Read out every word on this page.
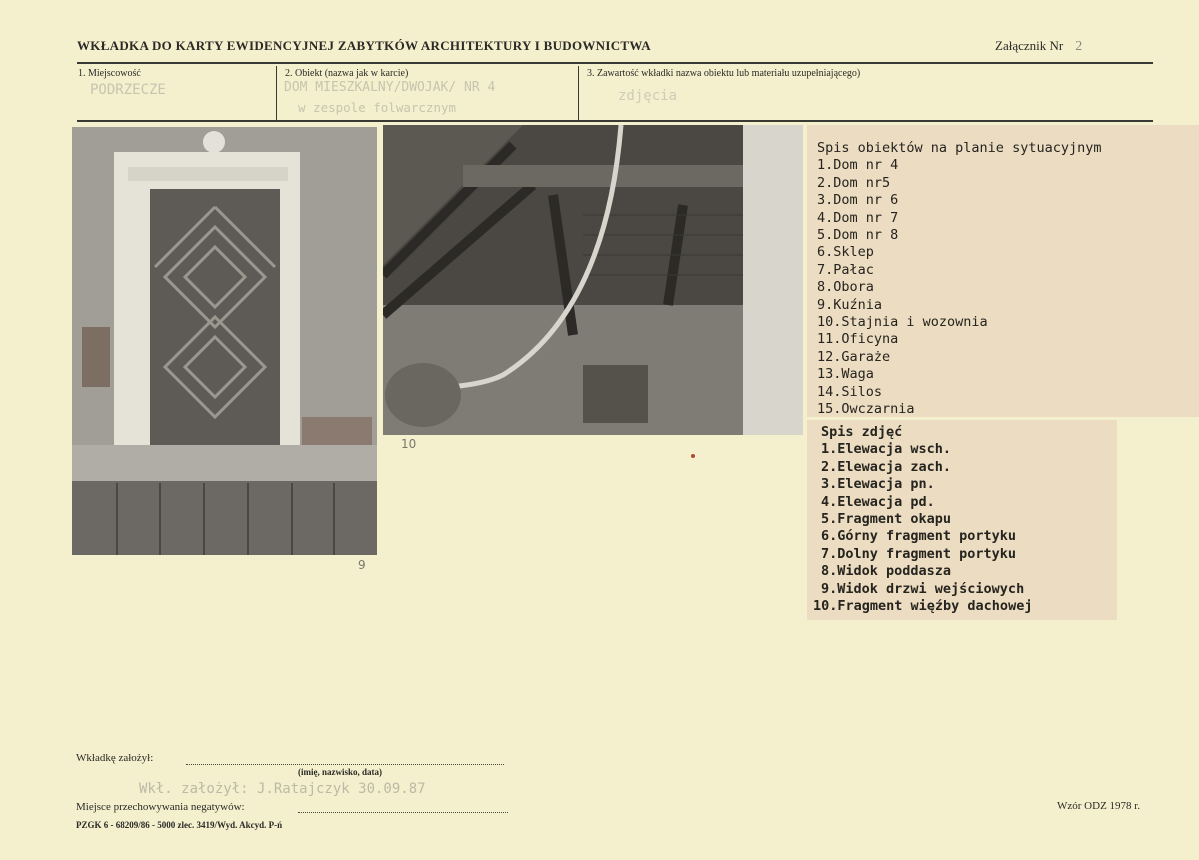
WKŁADKA DO KARTY EWIDENCYJNEJ ZABYTKÓW ARCHITEKTURY I BUDOWNICTWA	Załącznik Nr 2
1. Miejscowość
PODRZECZE
2. Obiekt (nazwa jak w karcie)
DOM MIESZKALNY/DWOJAK/ NR 4
w zespole folwarcznym
3. Zawartość wkładki nazwa obiektu lub materiału uzupełniającego)
zdjęcia
9
10
Spis obiektów na planie sytuacyjnym
1.Dom nr 4
2.Dom nr5
3.Dom nr 6
4.Dom nr 7
5.Dom nr 8
6.Sklep
7.Pałac
8.Obora
9.Kuźnia
10.Stajnia i wozownia
11.Oficyna
12.Garaże
13.Waga
14.Silos
15.Owczarnia
Spis zdjęć
1.Elewacja wsch.
2.Elewacja zach.
3.Elewacja pn.
4.Elewacja pd.
5.Fragment okapu
6.Górny fragment portyku
7.Dolny fragment portyku
8.Widok poddasza
9.Widok drzwi wejściowych
10.Fragment więźby dachowej
Wkładkę założył:
(imię, nazwisko, data)
Wkł. założył: J.Ratajczyk 30.09.87
Miejsce przechowywania negatywów:
PZGK 6 - 68209/86 - 5000 zlec. 3419/Wyd. Akcyd. P-ń
Wzór ODZ 1978 r.
